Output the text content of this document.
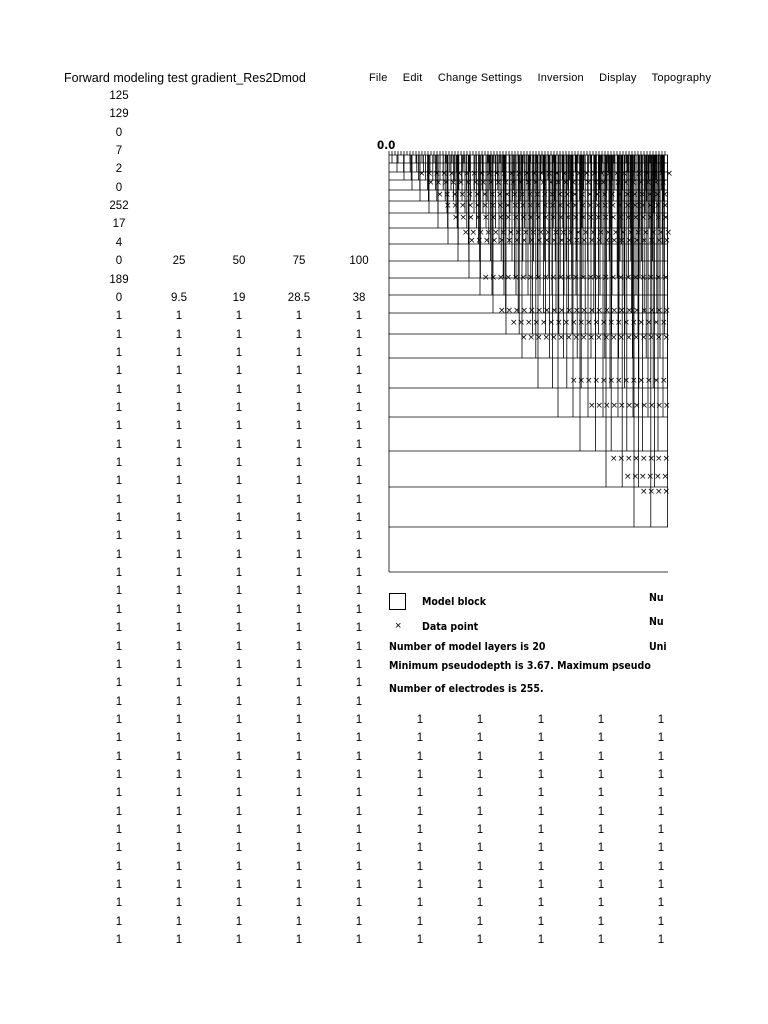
Forward modeling test gradient_Res2Dmod
125
129
0
7
2
0
252
17
4
0	25	50	75	100
189
0	9.5	19	28.5	38
1	1	1	1	1
1	1	1	1	1
1	1	1	1	1
1	1	1	1	1
1	1	1	1	1
1	1	1	1	1
1	1	1	1	1
1	1	1	1	1
1	1	1	1	1
1	1	1	1	1
1	1	1	1	1
1	1	1	1	1
1	1	1	1	1
1	1	1	1	1
1	1	1	1	1
1	1	1	1	1
1	1	1	1	1
1	1	1	1	1
1	1	1	1	1
1	1	1	1	1
1	1	1	1	1
1	1	1	1	1
1	1	1	1	1	1	1	1	1	1
1	1	1	1	1	1	1	1	1	1
1	1	1	1	1	1	1	1	1	1
1	1	1	1	1	1	1	1	1	1
1	1	1	1	1	1	1	1	1	1
1	1	1	1	1	1	1	1	1	1
1	1	1	1	1	1	1	1	1	1
1	1	1	1	1	1	1	1	1	1
1	1	1	1	1	1	1	1	1	1
1	1	1	1	1	1	1	1	1	1
1	1	1	1	1	1	1	1	1	1
1	1	1	1	1	1	1	1	1	1
1	1	1	1	1	1	1	1	1	1
File Edit Change Settings Inversion Display Topography
0.0
× × × × × × × × × × × × × × × × × × × × × × × × × × × × × × × × × ×
× × × × × × × × × × × × × × × × × × × × × × × × × × × × × × × ×
× × × × × × × × × × × × × × × × × × × × × × × × × × × × × × ×
× × × × × × × × × × × × × × × × × × × × × × × × × × × × × ×
× × × × × × × × × × × × × × × × × × × × × × × × × × × × ×
× × × × × × × × × × × × × × × × × × × × × × × × × × × ×
× × × × × × × × × × × × × × × × × × × × × × × × × × ×
× × × × × × × × × × × × × × × × × × × × × × × × ×
× × × × × × × × × × × × × × × × × × × × × × ×
× × × × × × × × × × × × × × × × × × × × ×
× × × × × × × × × × × × × × × × × × × ×
× × × × × × × × × × × × ×
× × × × × × × × × × ×
× × × × × × × ×
× × × × × ×
× × × ×
Model block
× Data point
Number of model layers is 20
Minimum pseudodepth is 3.67. Maximum pseudo
Number of electrodes is 255.
Nu
Nu
Uni
